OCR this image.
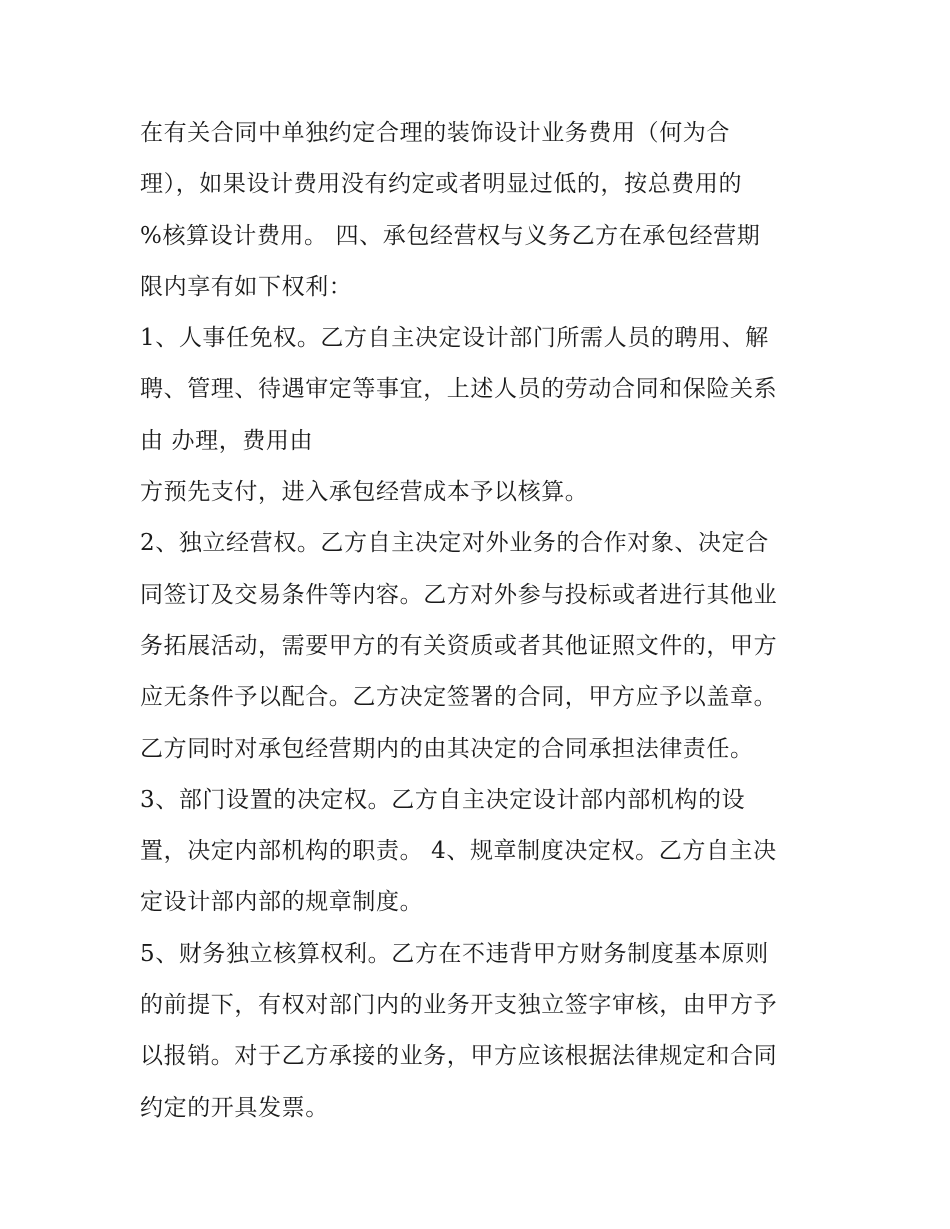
在有关合同中单独约定合理的装饰设计业务费用（何为合
理），如果设计费用没有约定或者明显过低的，按总费用的
%核算设计费用。 四、承包经营权与义务乙方在承包经营期
限内享有如下权利：
1、人事任免权。乙方自主决定设计部门所需人员的聘用、解
聘、管理、待遇审定等事宜，上述人员的劳动合同和保险关系
由 办理，费用由
方预先支付，进入承包经营成本予以核算。
2、独立经营权。乙方自主决定对外业务的合作对象、决定合
同签订及交易条件等内容。乙方对外参与投标或者进行其他业
务拓展活动，需要甲方的有关资质或者其他证照文件的，甲方
应无条件予以配合。乙方决定签署的合同，甲方应予以盖章。
乙方同时对承包经营期内的由其决定的合同承担法律责任。
3、部门设置的决定权。乙方自主决定设计部内部机构的设
置，决定内部机构的职责。 4、规章制度决定权。乙方自主决
定设计部内部的规章制度。
5、财务独立核算权利。乙方在不违背甲方财务制度基本原则
的前提下，有权对部门内的业务开支独立签字审核，由甲方予
以报销。对于乙方承接的业务，甲方应该根据法律规定和合同
约定的开具发票。
